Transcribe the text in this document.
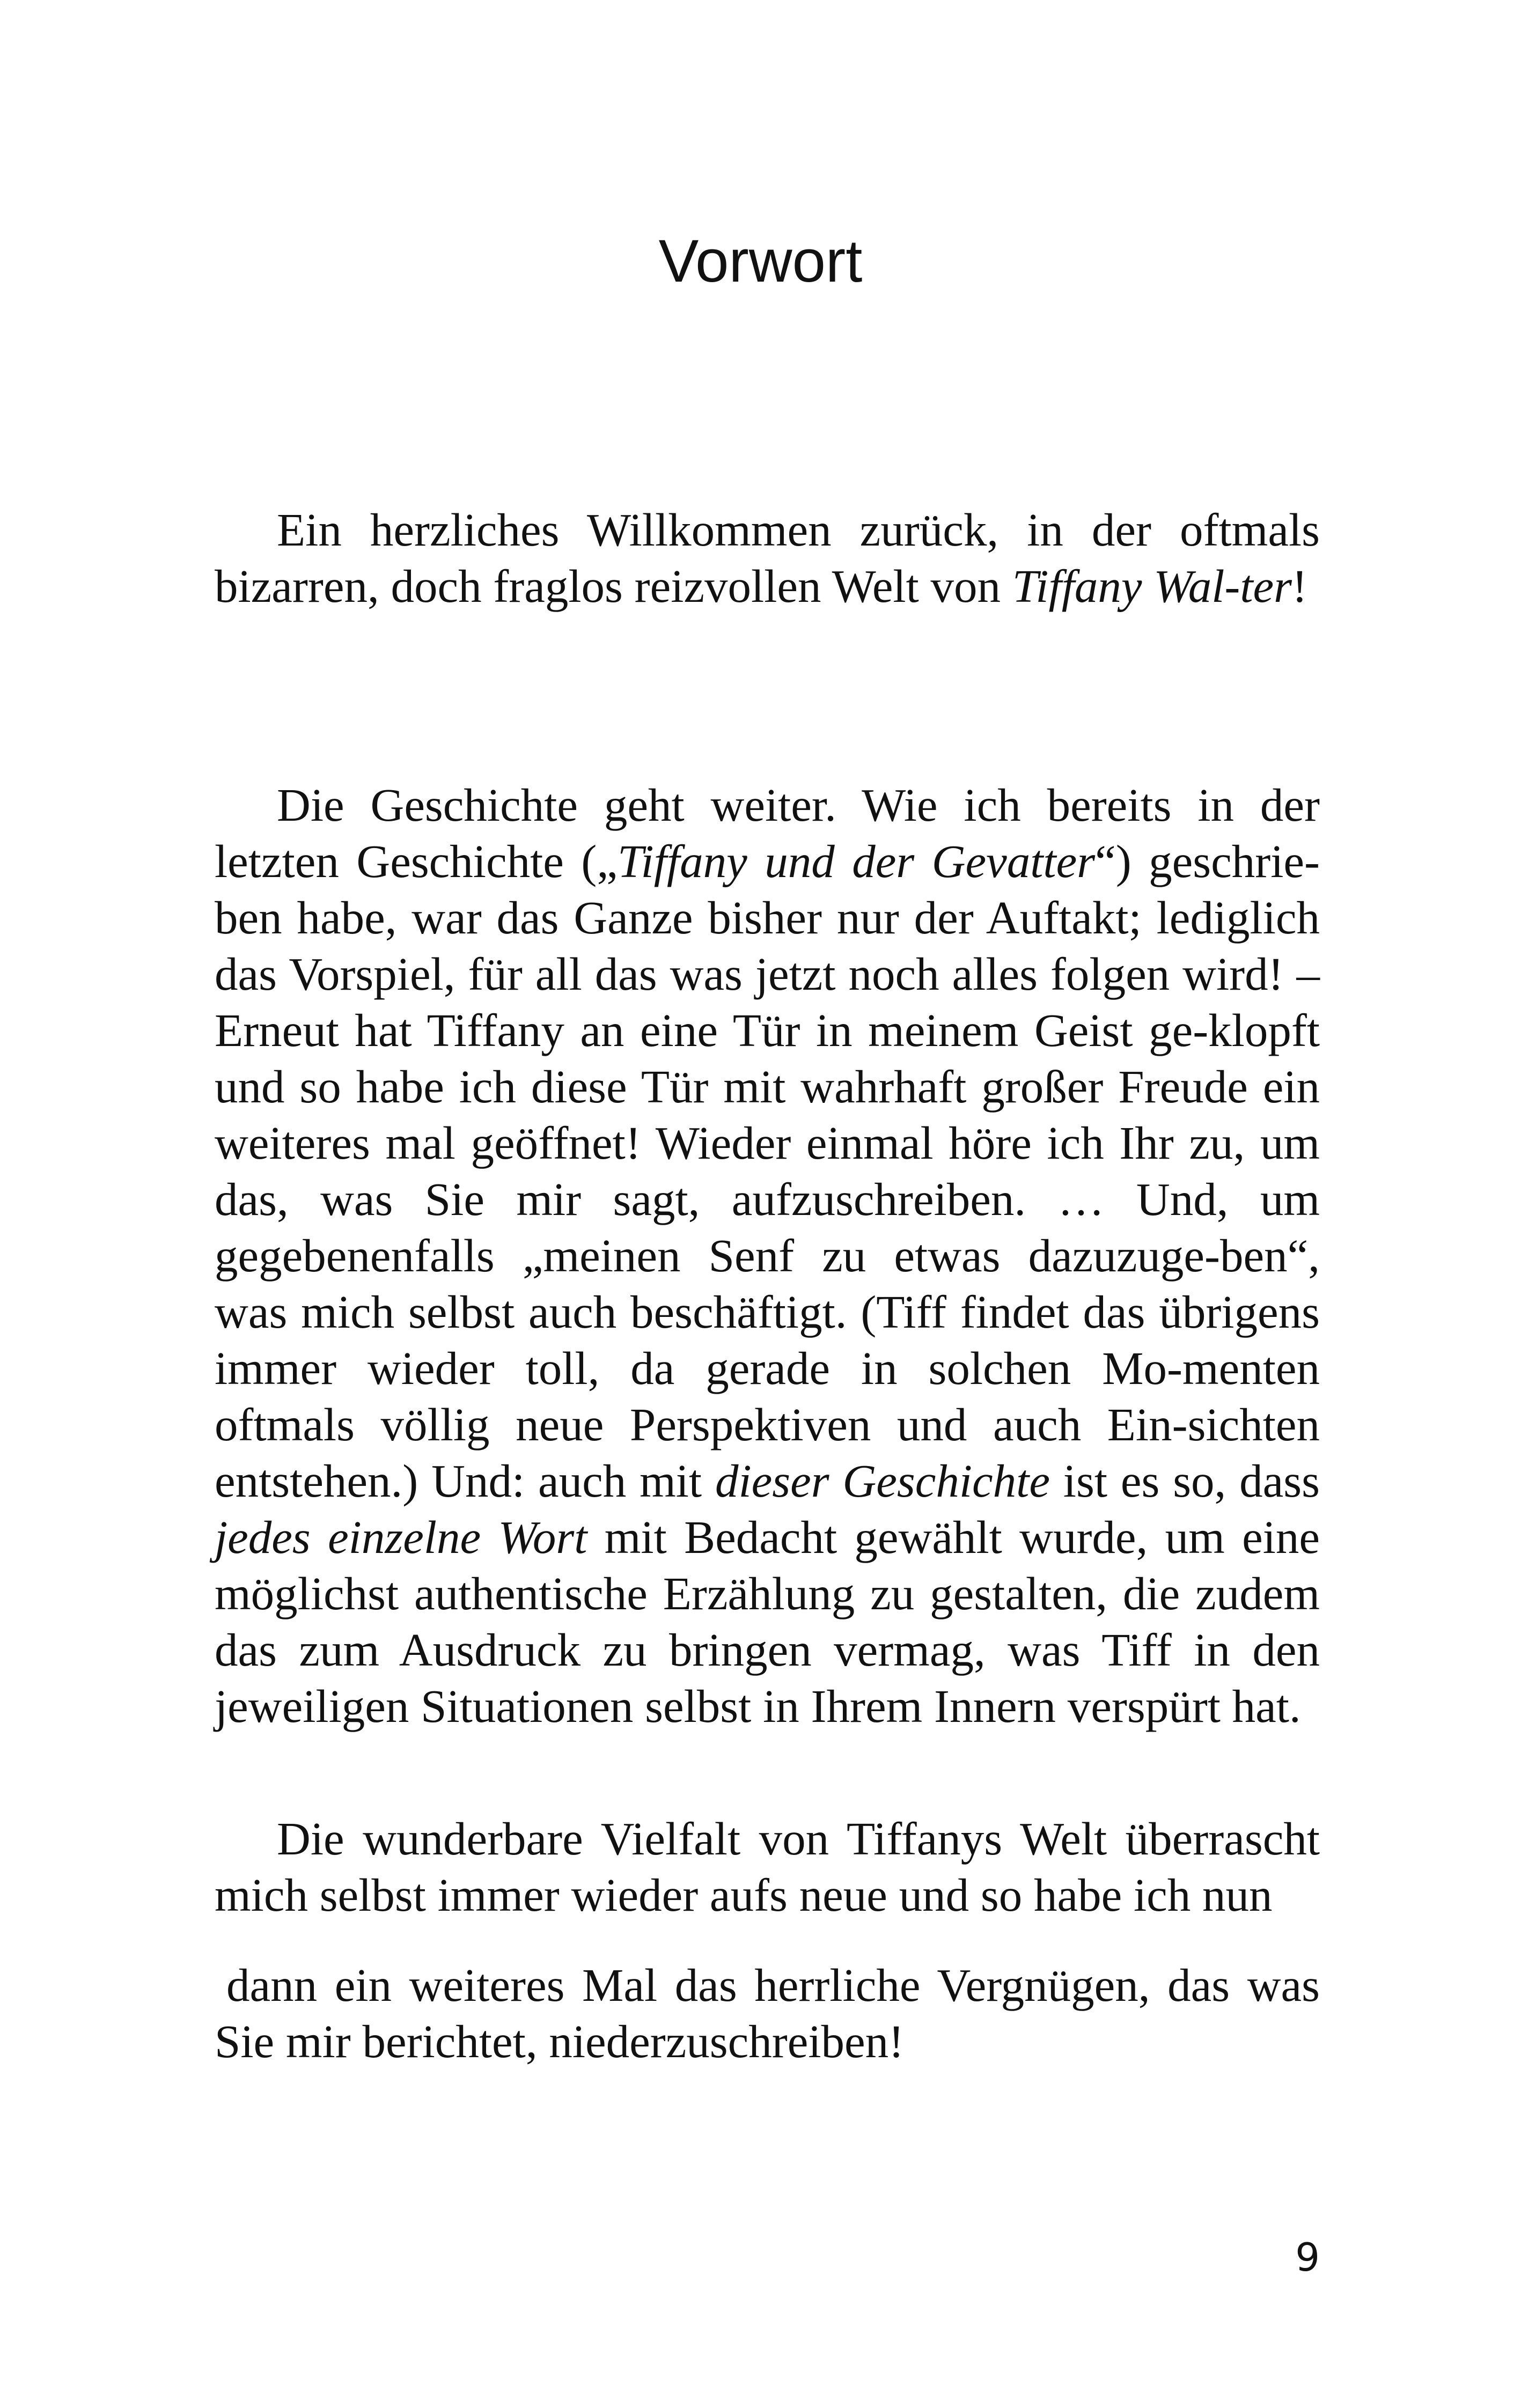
Vorwort

Ein herzliches Willkommen zurück, in der oftmals bizarren, doch fraglos reizvollen Welt von Tiffany Wal-ter!

Die Geschichte geht weiter. Wie ich bereits in der letzten Geschichte („Tiffany und der Gevatter“) geschrie-ben habe, war das Ganze bisher nur der Auftakt; lediglich das Vorspiel, für all das was jetzt noch alles folgen wird! – Erneut hat Tiffany an eine Tür in meinem Geist ge-klopft und so habe ich diese Tür mit wahrhaft großer Freude ein weiteres mal geöffnet! Wieder einmal höre ich Ihr zu, um das, was Sie mir sagt, aufzuschreiben. … Und, um gegebenenfalls „meinen Senf zu etwas dazuzuge-ben“, was mich selbst auch beschäftigt. (Tiff findet das übrigens immer wieder toll, da gerade in solchen Mo-menten oftmals völlig neue Perspektiven und auch Ein-sichten entstehen.) Und: auch mit dieser Geschichte ist es so, dass jedes einzelne Wort mit Bedacht gewählt wurde, um eine möglichst authentische Erzählung zu gestalten, die zudem das zum Ausdruck zu bringen vermag, was Tiff in den jeweiligen Situationen selbst in Ihrem Innern verspürt hat.

Die wunderbare Vielfalt von Tiffanys Welt überrascht mich selbst immer wieder aufs neue und so habe ich nun

dann ein weiteres Mal das herrliche Vergnügen, das was Sie mir berichtet, niederzuschreiben!

9
